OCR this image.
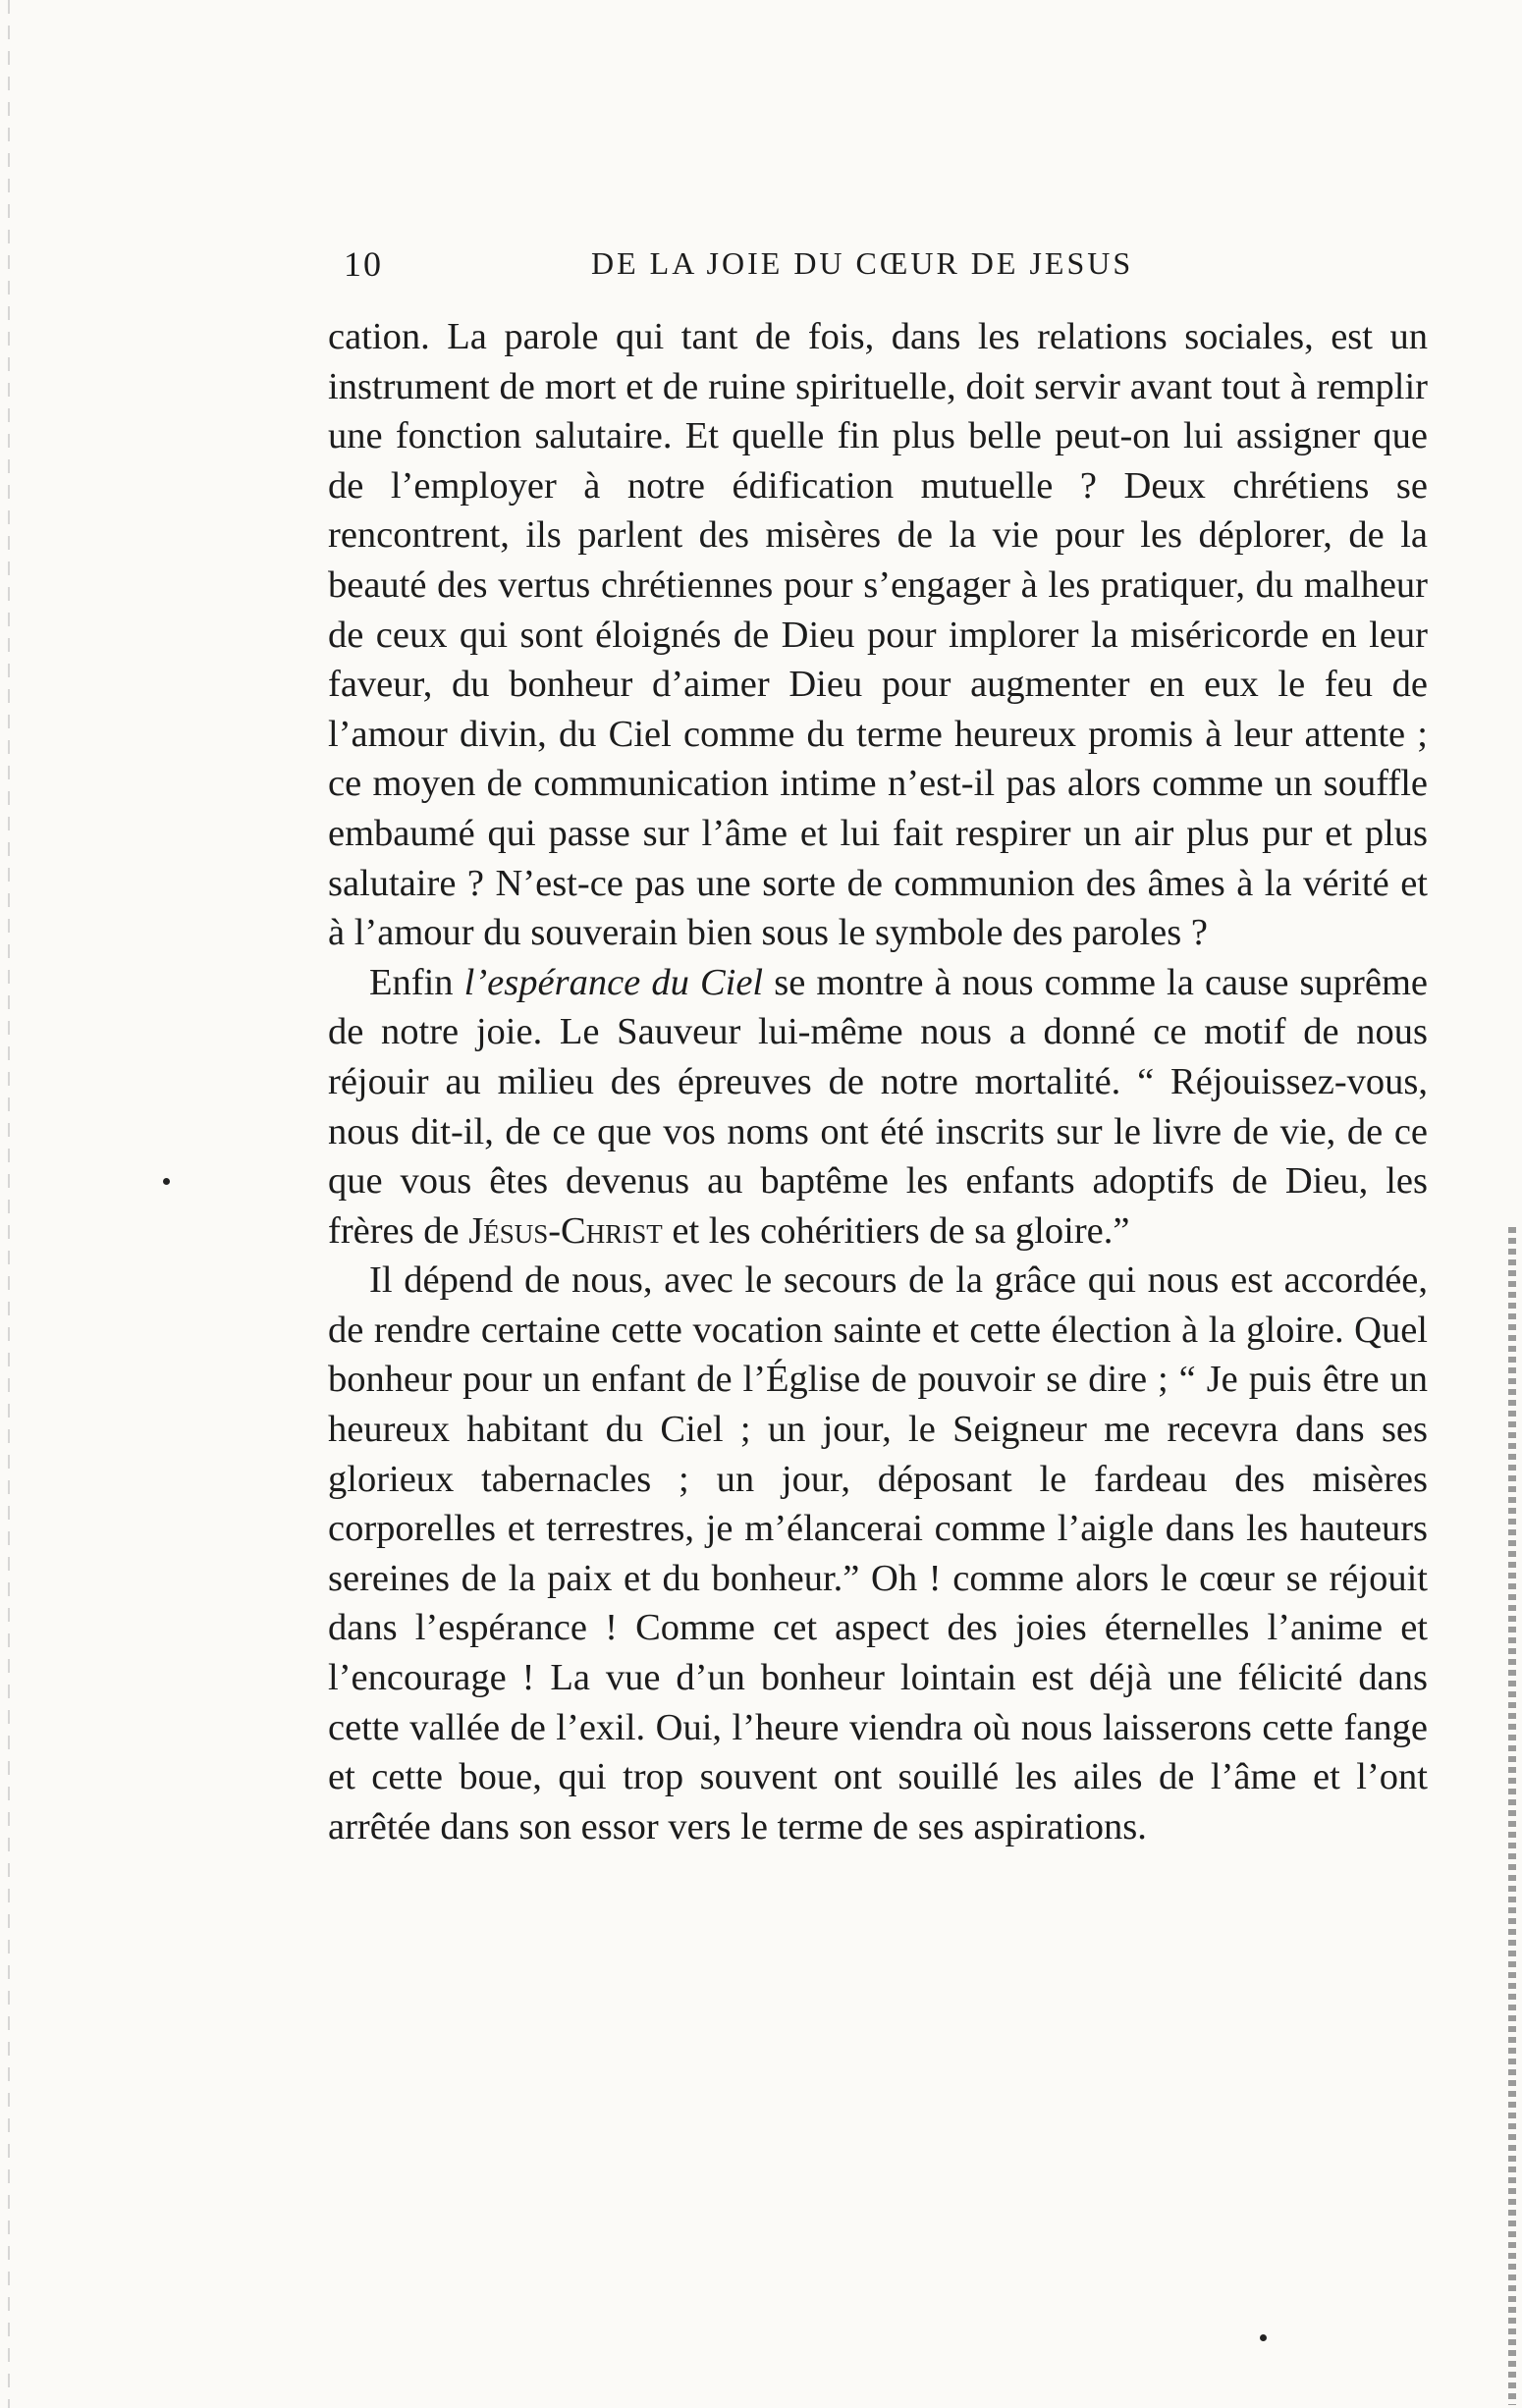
10	DE LA JOIE DU CŒUR DE JESUS

cation. La parole qui tant de fois, dans les relations sociales, est un instrument de mort et de ruine spirituelle, doit servir avant tout à remplir une fonction salutaire. Et quelle fin plus belle peut-on lui assigner que de l’employer à notre édification mutuelle ? Deux chrétiens se rencontrent, ils parlent des misères de la vie pour les déplorer, de la beauté des vertus chrétiennes pour s’engager à les pratiquer, du malheur de ceux qui sont éloignés de Dieu pour implorer la miséricorde en leur faveur, du bonheur d’aimer Dieu pour augmenter en eux le feu de l’amour divin, du Ciel comme du terme heureux promis à leur attente ; ce moyen de communication intime n’est-il pas alors comme un souffle embaumé qui passe sur l’âme et lui fait respirer un air plus pur et plus salutaire ? N’est-ce pas une sorte de communion des âmes à la vérité et à l’amour du souverain bien sous le symbole des paroles ?

Enfin l’espérance du Ciel se montre à nous comme la cause suprême de notre joie. Le Sauveur lui-même nous a donné ce motif de nous réjouir au milieu des épreuves de notre mortalité. “ Réjouissez-vous, nous dit-il, de ce que vos noms ont été inscrits sur le livre de vie, de ce que vous êtes devenus au baptême les enfants adoptifs de Dieu, les frères de Jésus-Christ et les cohéritiers de sa gloire.”

Il dépend de nous, avec le secours de la grâce qui nous est accordée, de rendre certaine cette vocation sainte et cette élection à la gloire. Quel bonheur pour un enfant de l’Église de pouvoir se dire ; “ Je puis être un heureux habitant du Ciel ; un jour, le Seigneur me recevra dans ses glorieux tabernacles ; un jour, déposant le fardeau des misères corporelles et terrestres, je m’élancerai comme l’aigle dans les hauteurs sereines de la paix et du bonheur.” Oh ! comme alors le cœur se réjouit dans l’espérance ! Comme cet aspect des joies éternelles l’anime et l’encourage ! La vue d’un bonheur lointain est déjà une félicité dans cette vallée de l’exil. Oui, l’heure viendra où nous laisserons cette fange et cette boue, qui trop souvent ont souillé les ailes de l’âme et l’ont arrêtée dans son essor vers le terme de ses aspirations.
